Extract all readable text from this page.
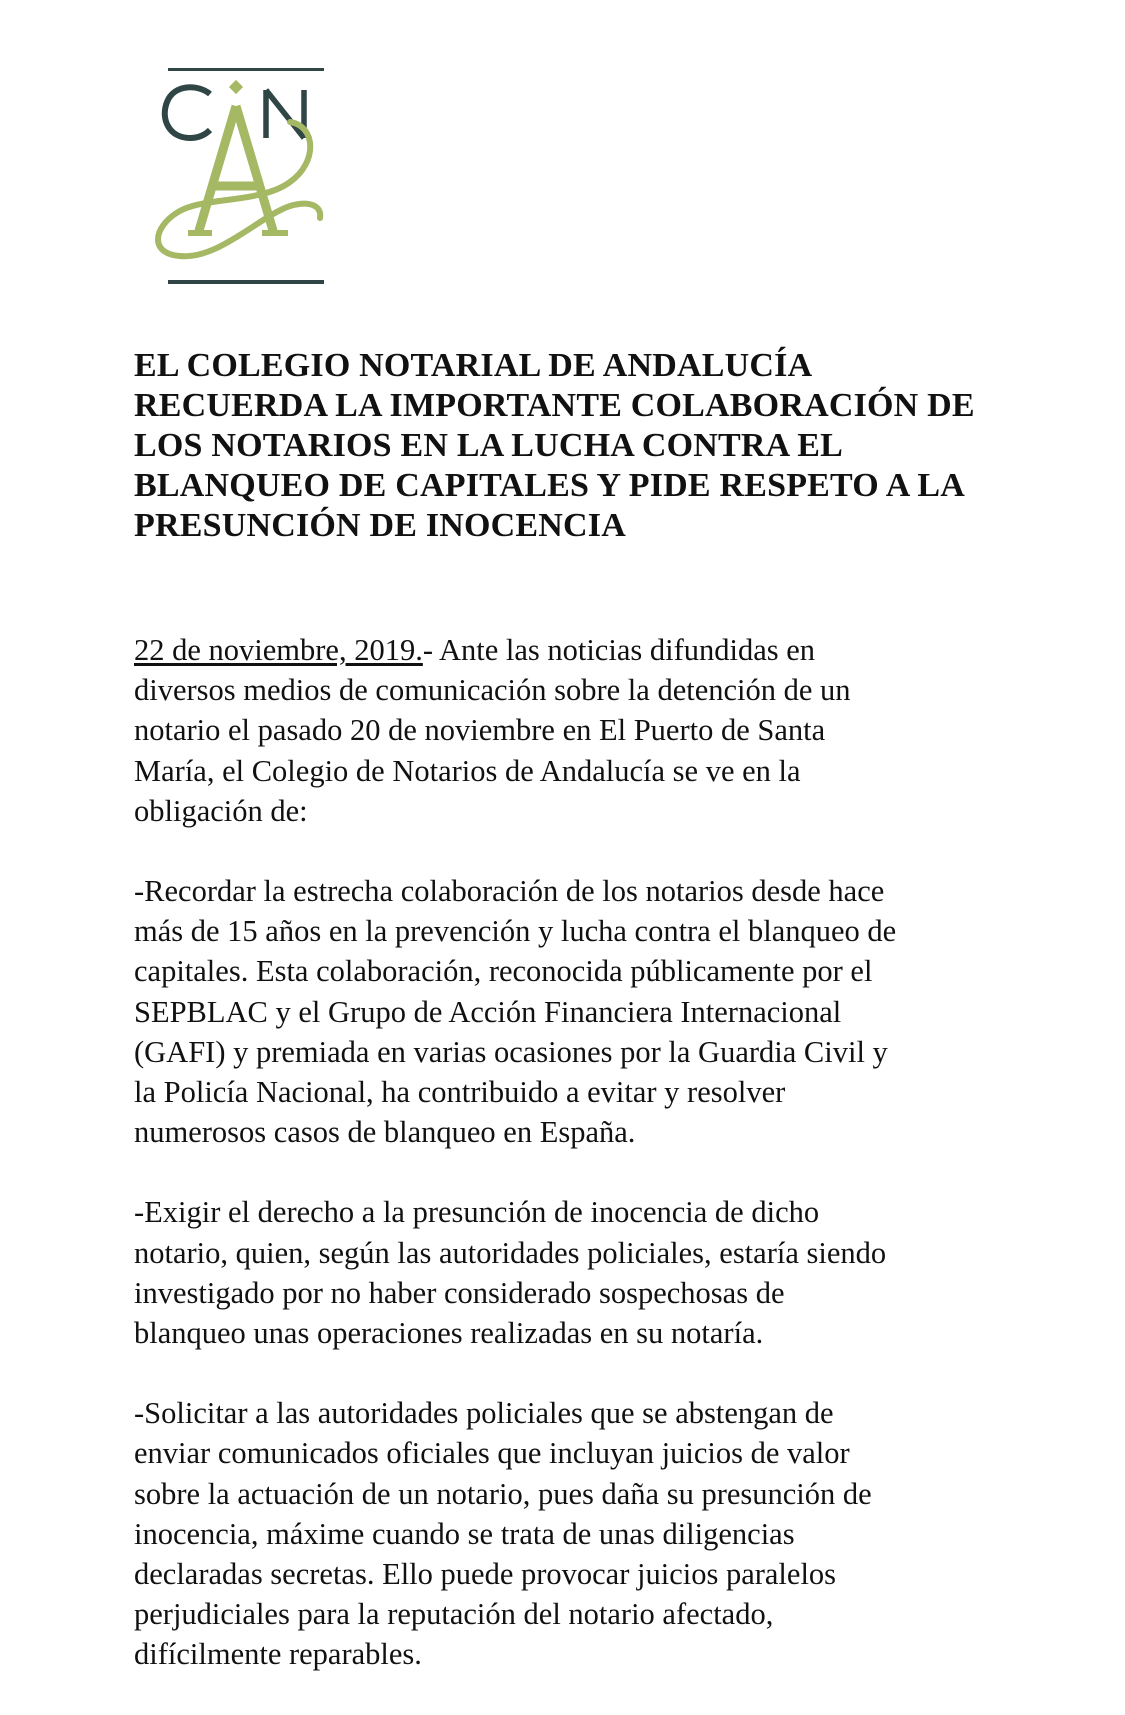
EL COLEGIO NOTARIAL DE ANDALUCÍA
RECUERDA LA IMPORTANTE COLABORACIÓN DE
LOS NOTARIOS EN LA LUCHA CONTRA EL
BLANQUEO DE CAPITALES Y PIDE RESPETO A LA
PRESUNCIÓN DE INOCENCIA

22 de noviembre, 2019.- Ante las noticias difundidas en
diversos medios de comunicación sobre la detención de un
notario el pasado 20 de noviembre en El Puerto de Santa
María, el Colegio de Notarios de Andalucía se ve en la
obligación de:

-Recordar la estrecha colaboración de los notarios desde hace
más de 15 años en la prevención y lucha contra el blanqueo de
capitales. Esta colaboración, reconocida públicamente por el
SEPBLAC y el Grupo de Acción Financiera Internacional
(GAFI) y premiada en varias ocasiones por la Guardia Civil y
la Policía Nacional, ha contribuido a evitar y resolver
numerosos casos de blanqueo en España.

-Exigir el derecho a la presunción de inocencia de dicho
notario, quien, según las autoridades policiales, estaría siendo
investigado por no haber considerado sospechosas de
blanqueo unas operaciones realizadas en su notaría.

-Solicitar a las autoridades policiales que se abstengan de
enviar comunicados oficiales que incluyan juicios de valor
sobre la actuación de un notario, pues daña su presunción de
inocencia, máxime cuando se trata de unas diligencias
declaradas secretas. Ello puede provocar juicios paralelos
perjudiciales para la reputación del notario afectado,
difícilmente reparables.
